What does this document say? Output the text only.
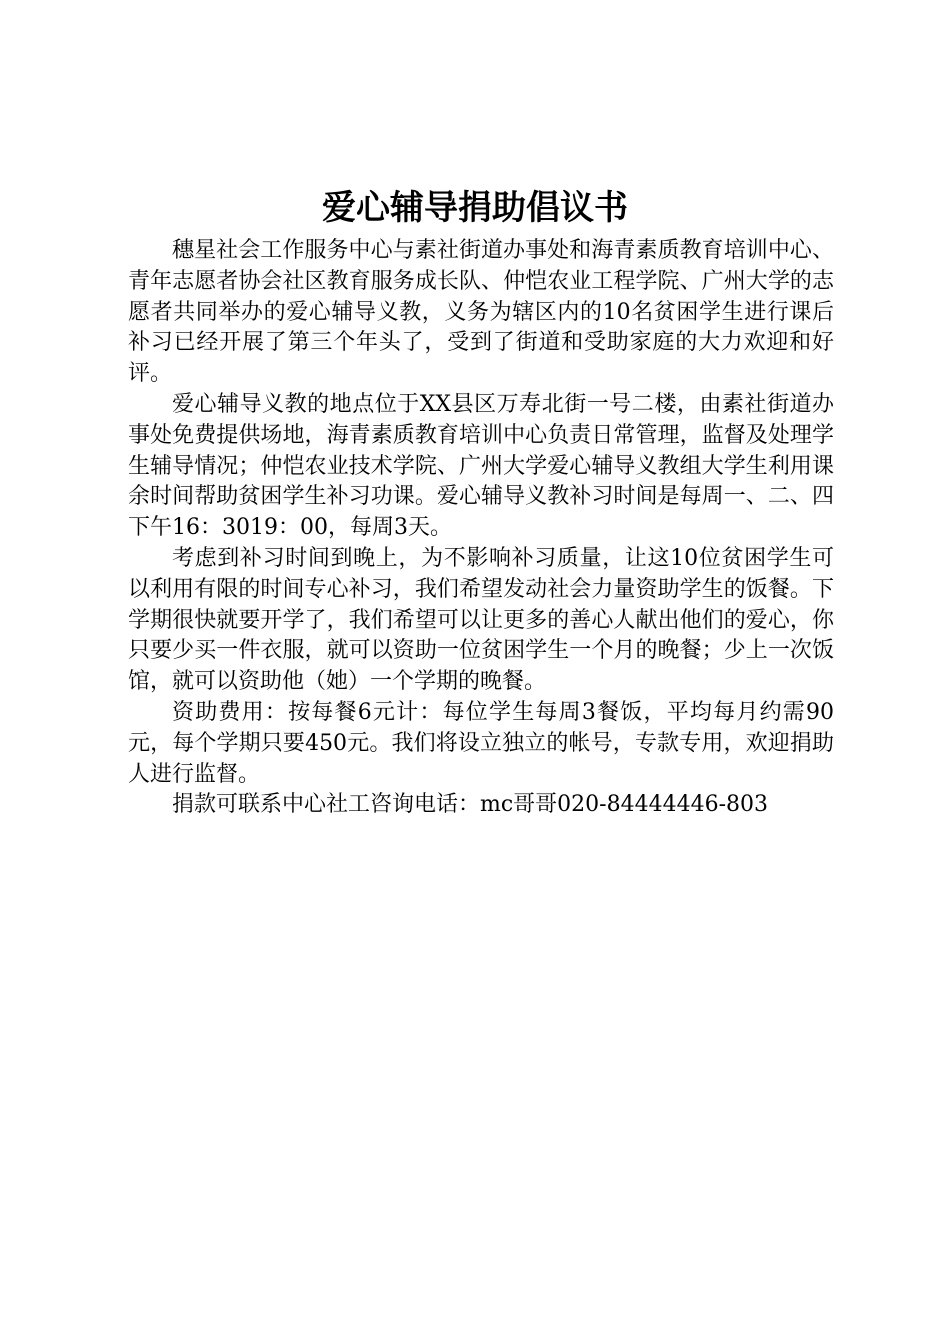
爱心辅导捐助倡议书

穗星社会工作服务中心与素社街道办事处和海青素质教育培训中心、青年志愿者协会社区教育服务成长队、仲恺农业工程学院、广州大学的志愿者共同举办的爱心辅导义教，义务为辖区内的10名贫困学生进行课后补习已经开展了第三个年头了，受到了街道和受助家庭的大力欢迎和好评。

爱心辅导义教的地点位于XX县区万寿北街一号二楼，由素社街道办事处免费提供场地，海青素质教育培训中心负责日常管理，监督及处理学生辅导情况；仲恺农业技术学院、广州大学爱心辅导义教组大学生利用课余时间帮助贫困学生补习功课。爱心辅导义教补习时间是每周一、二、四下午16：3019：00，每周3天。

考虑到补习时间到晚上，为不影响补习质量，让这10位贫困学生可以利用有限的时间专心补习，我们希望发动社会力量资助学生的饭餐。下学期很快就要开学了，我们希望可以让更多的善心人献出他们的爱心，你只要少买一件衣服，就可以资助一位贫困学生一个月的晚餐；少上一次饭馆，就可以资助他（她）一个学期的晚餐。

资助费用：按每餐6元计：每位学生每周3餐饭，平均每月约需90元，每个学期只要450元。我们将设立独立的帐号，专款专用，欢迎捐助人进行监督。

捐款可联系中心社工咨询电话：mc哥哥020-84444446-803
